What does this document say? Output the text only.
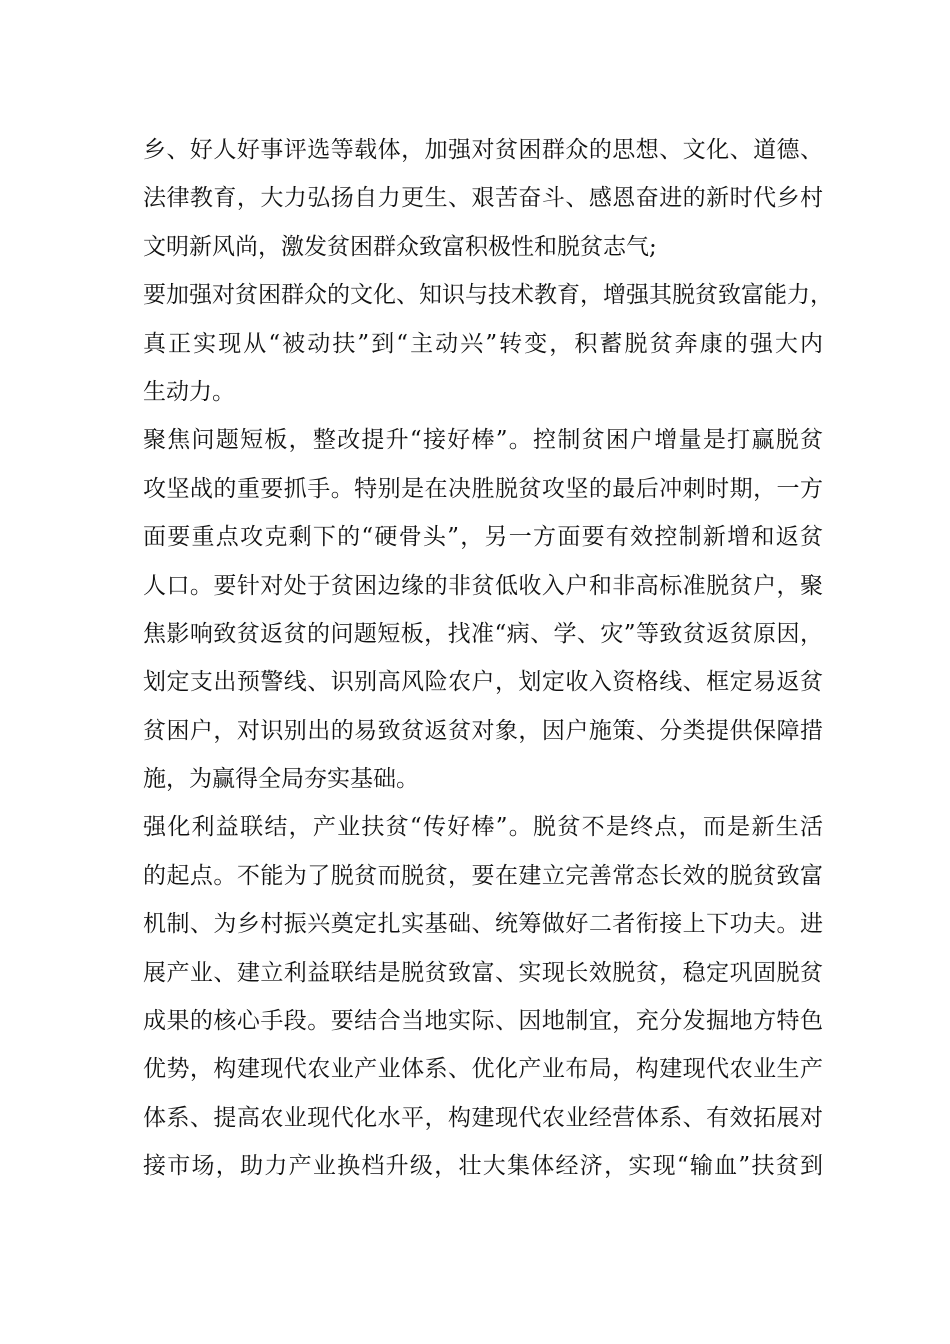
乡、好人好事评选等载体，加强对贫困群众的思想、文化、道德、
法律教育，大力弘扬自力更生、艰苦奋斗、感恩奋进的新时代乡村
文明新风尚，激发贫困群众致富积极性和脱贫志气;
要加强对贫困群众的文化、知识与技术教育，增强其脱贫致富能力，
真正实现从“被动扶”到“主动兴”转变，积蓄脱贫奔康的强大内
生动力。
聚焦问题短板，整改提升“接好棒”。控制贫困户增量是打赢脱贫
攻坚战的重要抓手。特别是在决胜脱贫攻坚的最后冲刺时期，一方
面要重点攻克剩下的“硬骨头”，另一方面要有效控制新增和返贫
人口。要针对处于贫困边缘的非贫低收入户和非高标准脱贫户，聚
焦影响致贫返贫的问题短板，找准“病、学、灾”等致贫返贫原因，
划定支出预警线、识别高风险农户，划定收入资格线、框定易返贫
贫困户，对识别出的易致贫返贫对象，因户施策、分类提供保障措
施，为赢得全局夯实基础。
强化利益联结，产业扶贫“传好棒”。脱贫不是终点，而是新生活
的起点。不能为了脱贫而脱贫，要在建立完善常态长效的脱贫致富
机制、为乡村振兴奠定扎实基础、统筹做好二者衔接上下功夫。进
展产业、建立利益联结是脱贫致富、实现长效脱贫，稳定巩固脱贫
成果的核心手段。要结合当地实际、因地制宜，充分发掘地方特色
优势，构建现代农业产业体系、优化产业布局，构建现代农业生产
体系、提高农业现代化水平，构建现代农业经营体系、有效拓展对
接市场，助力产业换档升级，壮大集体经济，实现“输血”扶贫到
